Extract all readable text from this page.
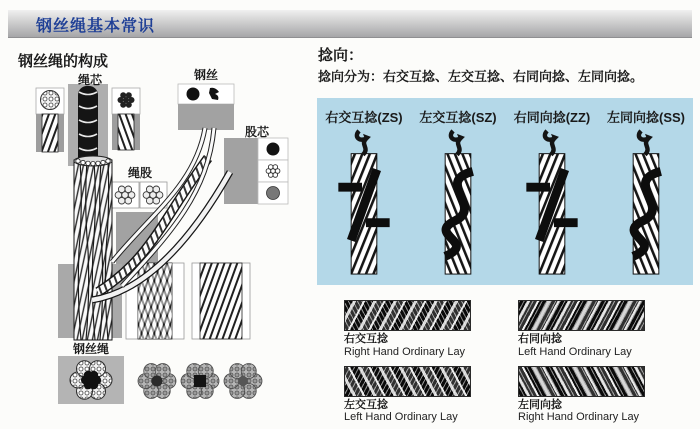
钢丝绳基本常识
钢丝绳的构成
绳芯	钢丝
股芯
绳股
钢丝绳
捻向：
捻向分为：右交互捻、左交互捻、右同向捻、左同向捻。
右交互捻(ZS) 左交互捻(SZ) 右同向捻(ZZ) 左同向捻(SS)
右交互捻
Right Hand Ordinary Lay
右同向捻
Left Hand Ordinary Lay
左交互捻
Left Hand Ordinary Lay
左同向捻
Right Hand Ordinary Lay
